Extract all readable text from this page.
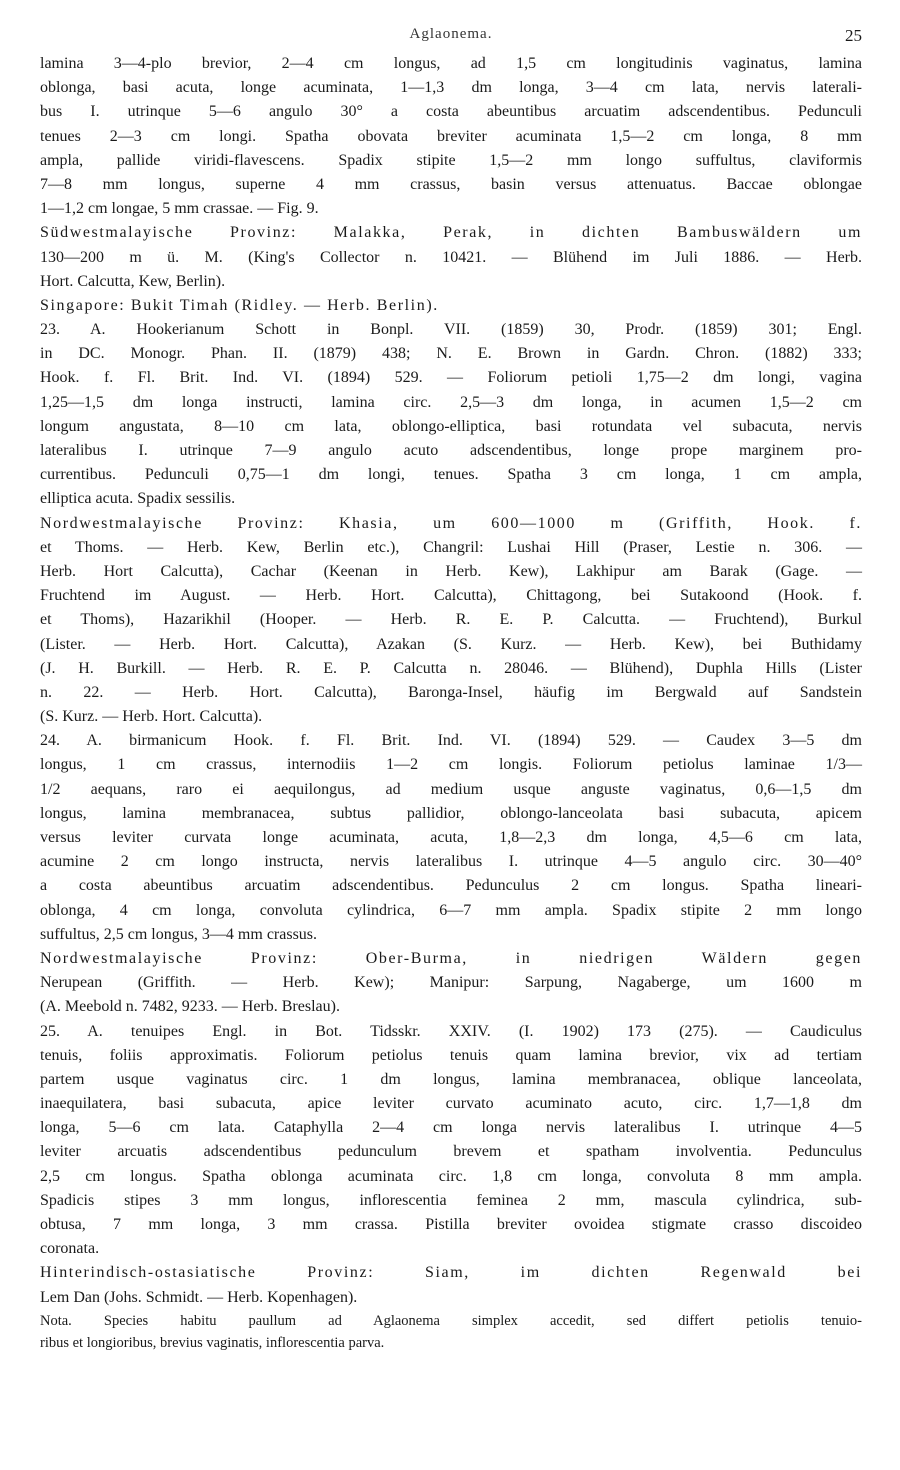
Aglaonema.	25
lamina 3—4-plo brevior, 2—4 cm longus, ad 1,5 cm longitudinis vaginatus, lamina
oblonga, basi acuta, longe acuminata, 1—1,3 dm longa, 3—4 cm lata, nervis laterali-
bus I. utrinque 5—6 angulo 30° a costa abeuntibus arcuatim adscendentibus. Pedunculi
tenues 2—3 cm longi. Spatha obovata breviter acuminata 1,5—2 cm longa, 8 mm
ampla, pallide viridi-flavescens. Spadix stipite 1,5—2 mm longo suffultus, claviformis
7—8 mm longus, superne 4 mm crassus, basin versus attenuatus. Baccae oblongae
1—1,2 cm longae, 5 mm crassae. — Fig. 9.
Südwestmalayische Provinz: Malakka, Perak, in dichten Bambuswäldern um
130—200 m ü. M. (King's Collector n. 10421. — Blühend im Juli 1886. — Herb.
Hort. Calcutta, Kew, Berlin).
Singapore: Bukit Timah (Ridley. — Herb. Berlin).
23. A. Hookerianum Schott in Bonpl. VII. (1859) 30, Prodr. (1859) 301; Engl.
in DC. Monogr. Phan. II. (1879) 438; N. E. Brown in Gardn. Chron. (1882) 333;
Hook. f. Fl. Brit. Ind. VI. (1894) 529. — Foliorum petioli 1,75—2 dm longi, vagina
1,25—1,5 dm longa instructi, lamina circ. 2,5—3 dm longa, in acumen 1,5—2 cm
longum angustata, 8—10 cm lata, oblongo-elliptica, basi rotundata vel subacuta, nervis
lateralibus I. utrinque 7—9 angulo acuto adscendentibus, longe prope marginem pro-
currentibus. Pedunculi 0,75—1 dm longi, tenues. Spatha 3 cm longa, 1 cm ampla,
elliptica acuta. Spadix sessilis.
Nordwestmalayische Provinz: Khasia, um 600—1000 m (Griffith, Hook. f.
et Thoms. — Herb. Kew, Berlin etc.), Changril: Lushai Hill (Praser, Lestie n. 306. —
Herb. Hort Calcutta), Cachar (Keenan in Herb. Kew), Lakhipur am Barak (Gage. —
Fruchtend im August. — Herb. Hort. Calcutta), Chittagong, bei Sutakoond (Hook. f.
et Thoms), Hazarikhil (Hooper. — Herb. R. E. P. Calcutta. — Fruchtend), Burkul
(Lister. — Herb. Hort. Calcutta), Azakan (S. Kurz. — Herb. Kew), bei Buthidamy
(J. H. Burkill. — Herb. R. E. P. Calcutta n. 28046. — Blühend), Duphla Hills (Lister
n. 22. — Herb. Hort. Calcutta), Baronga-Insel, häufig im Bergwald auf Sandstein
(S. Kurz. — Herb. Hort. Calcutta).
24. A. birmanicum Hook. f. Fl. Brit. Ind. VI. (1894) 529. — Caudex 3—5 dm
longus, 1 cm crassus, internodiis 1—2 cm longis. Foliorum petiolus laminae 1/3—
1/2 aequans, raro ei aequilongus, ad medium usque anguste vaginatus, 0,6—1,5 dm
longus, lamina membranacea, subtus pallidior, oblongo-lanceolata basi subacuta, apicem
versus leviter curvata longe acuminata, acuta, 1,8—2,3 dm longa, 4,5—6 cm lata,
acumine 2 cm longo instructa, nervis lateralibus I. utrinque 4—5 angulo circ. 30—40°
a costa abeuntibus arcuatim adscendentibus. Pedunculus 2 cm longus. Spatha lineari-
oblonga, 4 cm longa, convoluta cylindrica, 6—7 mm ampla. Spadix stipite 2 mm longo
suffultus, 2,5 cm longus, 3—4 mm crassus.
Nordwestmalayische Provinz: Ober-Burma, in niedrigen Wäldern gegen
Nerupean (Griffith. — Herb. Kew); Manipur: Sarpung, Nagaberge, um 1600 m
(A. Meebold n. 7482, 9233. — Herb. Breslau).
25. A. tenuipes Engl. in Bot. Tidsskr. XXIV. (I. 1902) 173 (275). — Caudiculus
tenuis, foliis approximatis. Foliorum petiolus tenuis quam lamina brevior, vix ad tertiam
partem usque vaginatus circ. 1 dm longus, lamina membranacea, oblique lanceolata,
inaequilatera, basi subacuta, apice leviter curvato acuminato acuto, circ. 1,7—1,8 dm
longa, 5—6 cm lata. Cataphylla 2—4 cm longa nervis lateralibus I. utrinque 4—5
leviter arcuatis adscendentibus pedunculum brevem et spatham involventia. Pedunculus
2,5 cm longus. Spatha oblonga acuminata circ. 1,8 cm longa, convoluta 8 mm ampla.
Spadicis stipes 3 mm longus, inflorescentia feminea 2 mm, mascula cylindrica, sub-
obtusa, 7 mm longa, 3 mm crassa. Pistilla breviter ovoidea stigmate crasso discoideo
coronata.
Hinterindisch-ostasiatische Provinz: Siam, im dichten Regenwald bei
Lem Dan (Johs. Schmidt. — Herb. Kopenhagen).
Nota. Species habitu paullum ad Aglaonema simplex accedit, sed differt petiolis tenuio-
ribus et longioribus, brevius vaginatis, inflorescentia parva.
